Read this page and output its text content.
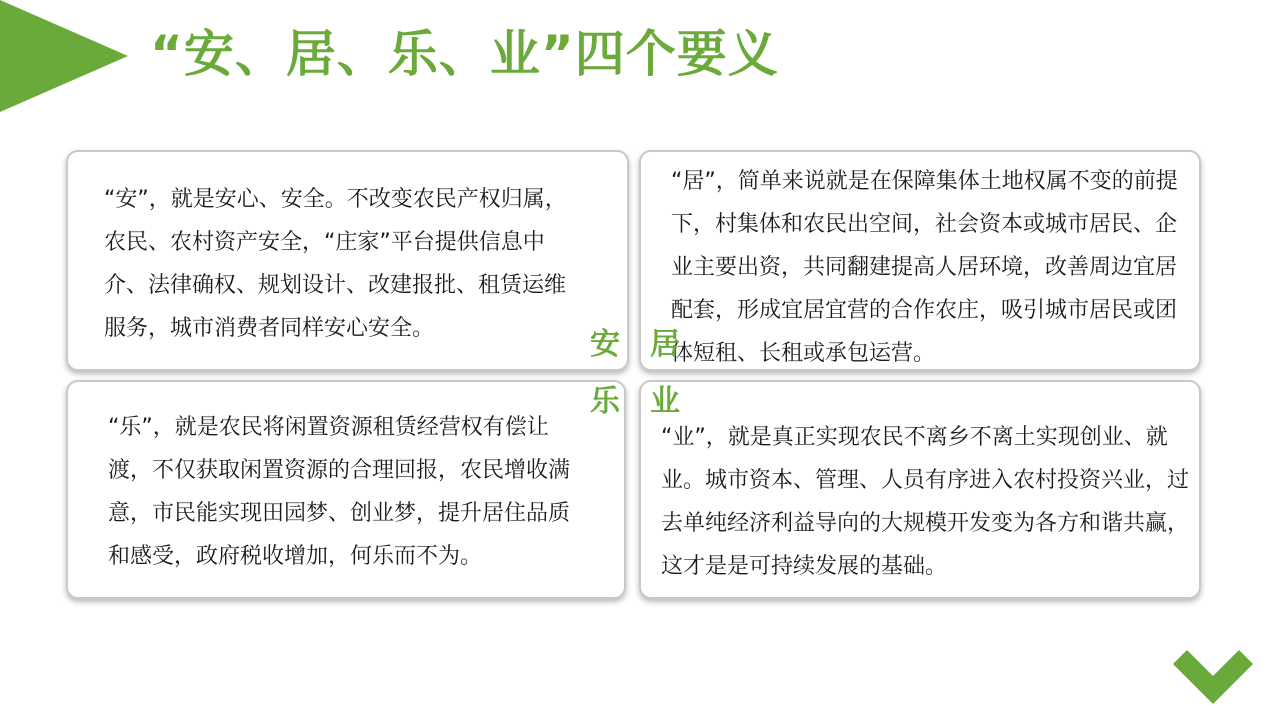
“安、居、乐、业”四个要义

“安”，就是安心、安全。不改变农民产权归属，农民、农村资产安全，“庄家”平台提供信息中介、法律确权、规划设计、改建报批、租赁运维服务，城市消费者同样安心安全。

“居”，简单来说就是在保障集体土地权属不变的前提下，村集体和农民出空间，社会资本或城市居民、企业主要出资，共同翻建提高人居环境，改善周边宜居配套，形成宜居宜营的合作农庄，吸引城市居民或团体短租、长租或承包运营。

“乐”，就是农民将闲置资源租赁经营权有偿让渡，不仅获取闲置资源的合理回报，农民增收满意，市民能实现田园梦、创业梦，提升居住品质和感受，政府税收增加，何乐而不为。

“业”，就是真正实现农民不离乡不离土实现创业、就业。城市资本、管理、人员有序进入农村投资兴业，过去单纯经济利益导向的大规模开发变为各方和谐共赢，这才是是可持续发展的基础。

安 居
乐 业
